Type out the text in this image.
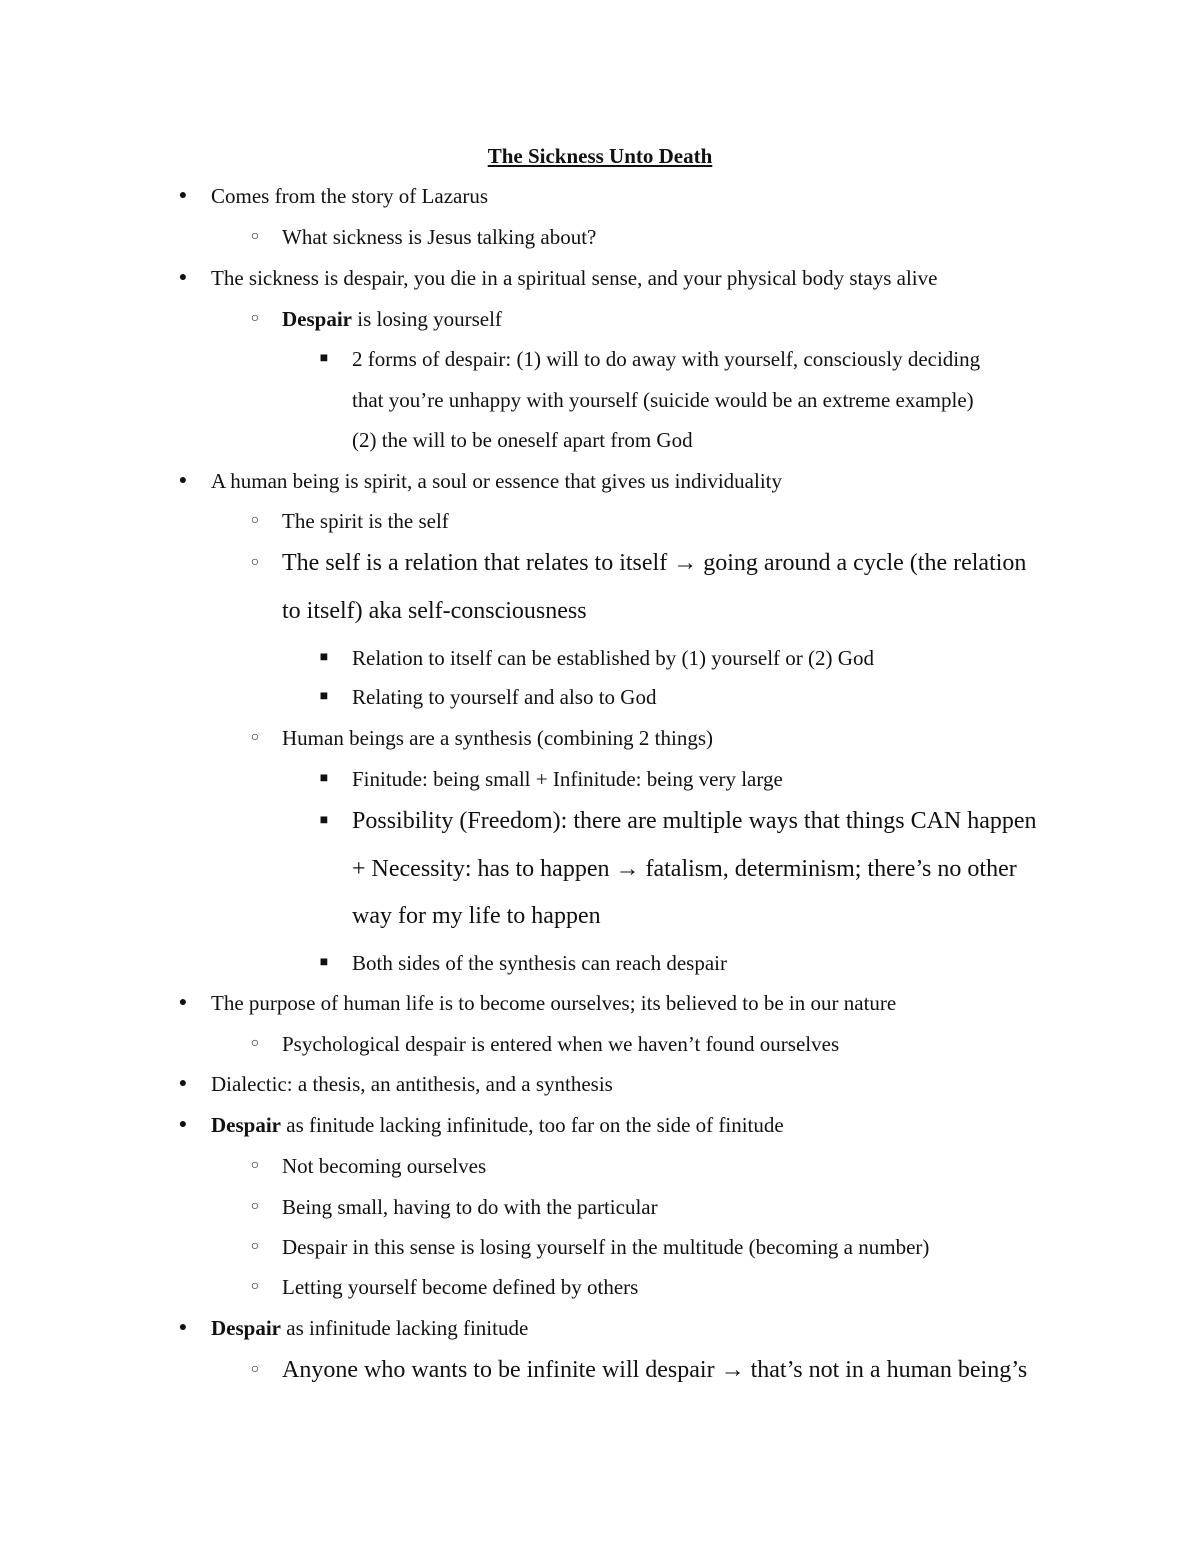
The Sickness Unto Death
● Comes from the story of Lazarus
○ What sickness is Jesus talking about?
● The sickness is despair, you die in a spiritual sense, and your physical body stays alive
○ Despair is losing yourself
■ 2 forms of despair: (1) will to do away with yourself, consciously deciding
that you’re unhappy with yourself (suicide would be an extreme example)
(2) the will to be oneself apart from God
● A human being is spirit, a soul or essence that gives us individuality
○ The spirit is the self
○ The self is a relation that relates to itself → going around a cycle (the relation
to itself) aka self-consciousness
■ Relation to itself can be established by (1) yourself or (2) God
■ Relating to yourself and also to God
○ Human beings are a synthesis (combining 2 things)
■ Finitude: being small + Infinitude: being very large
■ Possibility (Freedom): there are multiple ways that things CAN happen
+ Necessity: has to happen → fatalism, determinism; there’s no other
way for my life to happen
■ Both sides of the synthesis can reach despair
● The purpose of human life is to become ourselves; its believed to be in our nature
○ Psychological despair is entered when we haven’t found ourselves
● Dialectic: a thesis, an antithesis, and a synthesis
● Despair as finitude lacking infinitude, too far on the side of finitude
○ Not becoming ourselves
○ Being small, having to do with the particular
○ Despair in this sense is losing yourself in the multitude (becoming a number)
○ Letting yourself become defined by others
● Despair as infinitude lacking finitude
○ Anyone who wants to be infinite will despair → that’s not in a human being’s
